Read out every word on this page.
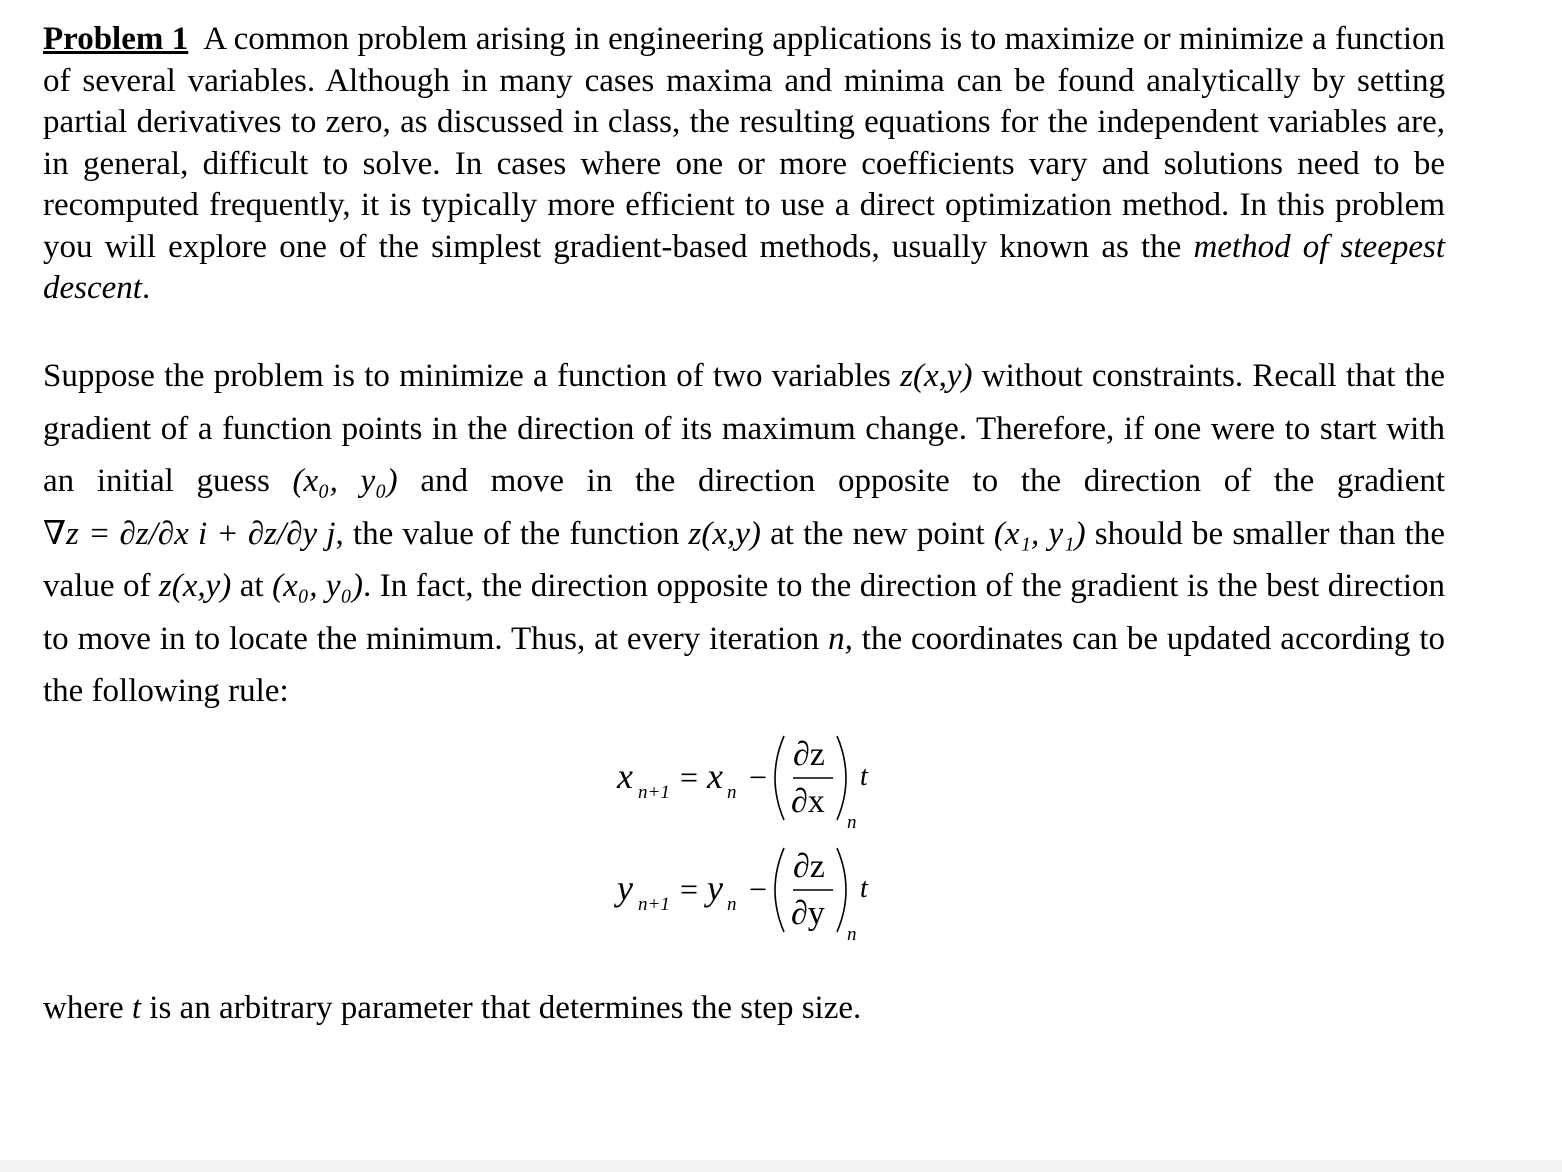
Problem 1 A common problem arising in engineering applications is to maximize or minimize a function of several variables. Although in many cases maxima and minima can be found analytically by setting partial derivatives to zero, as discussed in class, the resulting equations for the independent variables are, in general, difficult to solve. In cases where one or more coefficients vary and solutions need to be recomputed frequently, it is typically more efficient to use a direct optimization method. In this problem you will explore one of the simplest gradient-based methods, usually known as the method of steepest descent.

Suppose the problem is to minimize a function of two variables z(x,y) without constraints. Recall that the gradient of a function points in the direction of its maximum change. Therefore, if one were to start with an initial guess (x₀, y₀) and move in the direction opposite to the direction of the gradient ∇z = ∂z/∂x i + ∂z/∂y j, the value of the function z(x,y) at the new point (x₁, y₁) should be smaller than the value of z(x,y) at (x₀, y₀). In fact, the direction opposite to the direction of the gradient is the best direction to move in to locate the minimum. Thus, at every iteration n, the coordinates can be updated according to the following rule:

x n+1 = x n −
∂z
∂x
n
t
y n+1 = y n −
∂z
∂y
n
t

where t is an arbitrary parameter that determines the step size.
